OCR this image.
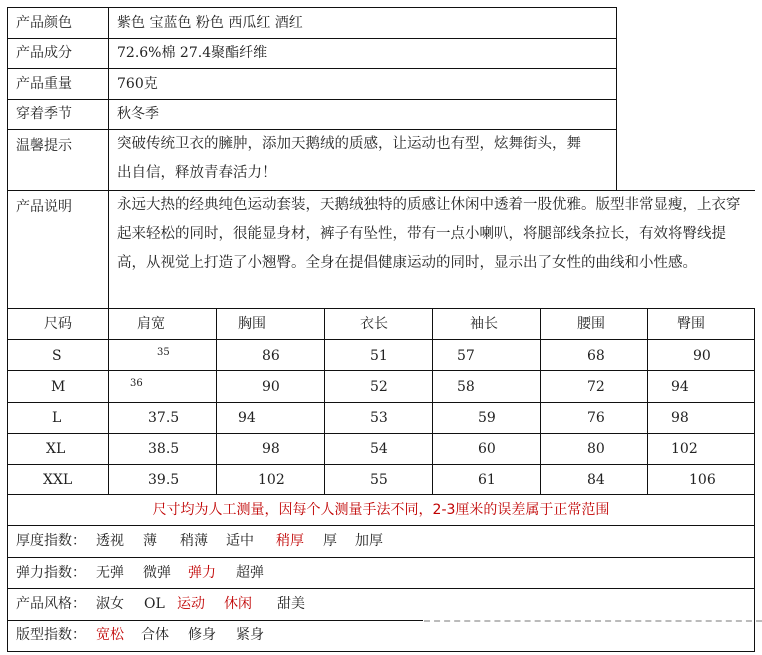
产品颜色	紫色 宝蓝色 粉色 西瓜红 酒红
产品成分	72.6%棉 27.4聚酯纤维
产品重量	760克
穿着季节	秋冬季
温馨提示	突破传统卫衣的臃肿，添加天鹅绒的质感，让运动也有型，炫舞街头，舞出自信，释放青春活力！
产品说明	永远大热的经典纯色运动套装，天鹅绒独特的质感让休闲中透着一股优雅。版型非常显瘦，上衣穿起来轻松的同时，很能显身材，裤子有坠性，带有一点小喇叭，将腿部线条拉长，有效将臀线提高，从视觉上打造了小翘臀。全身在提倡健康运动的同时，显示出了女性的曲线和小性感。
尺码	肩宽	胸围	衣长	袖长	腰围	臀围
S	35	86	51	57	68	90
M	36	90	52	58	72	94
L	37.5	94	53	59	76	98
XL	38.5	98	54	60	80	102
XXL	39.5	102	55	61	84	106
尺寸均为人工测量，因每个人测量手法不同，2-3厘米的误差属于正常范围
厚度指数： 透视 薄 稍薄 适中 稍厚 厚 加厚
弹力指数： 无弹 微弹 弹力 超弹
产品风格： 淑女 OL 运动 休闲 甜美
版型指数： 宽松 合体 修身 紧身
